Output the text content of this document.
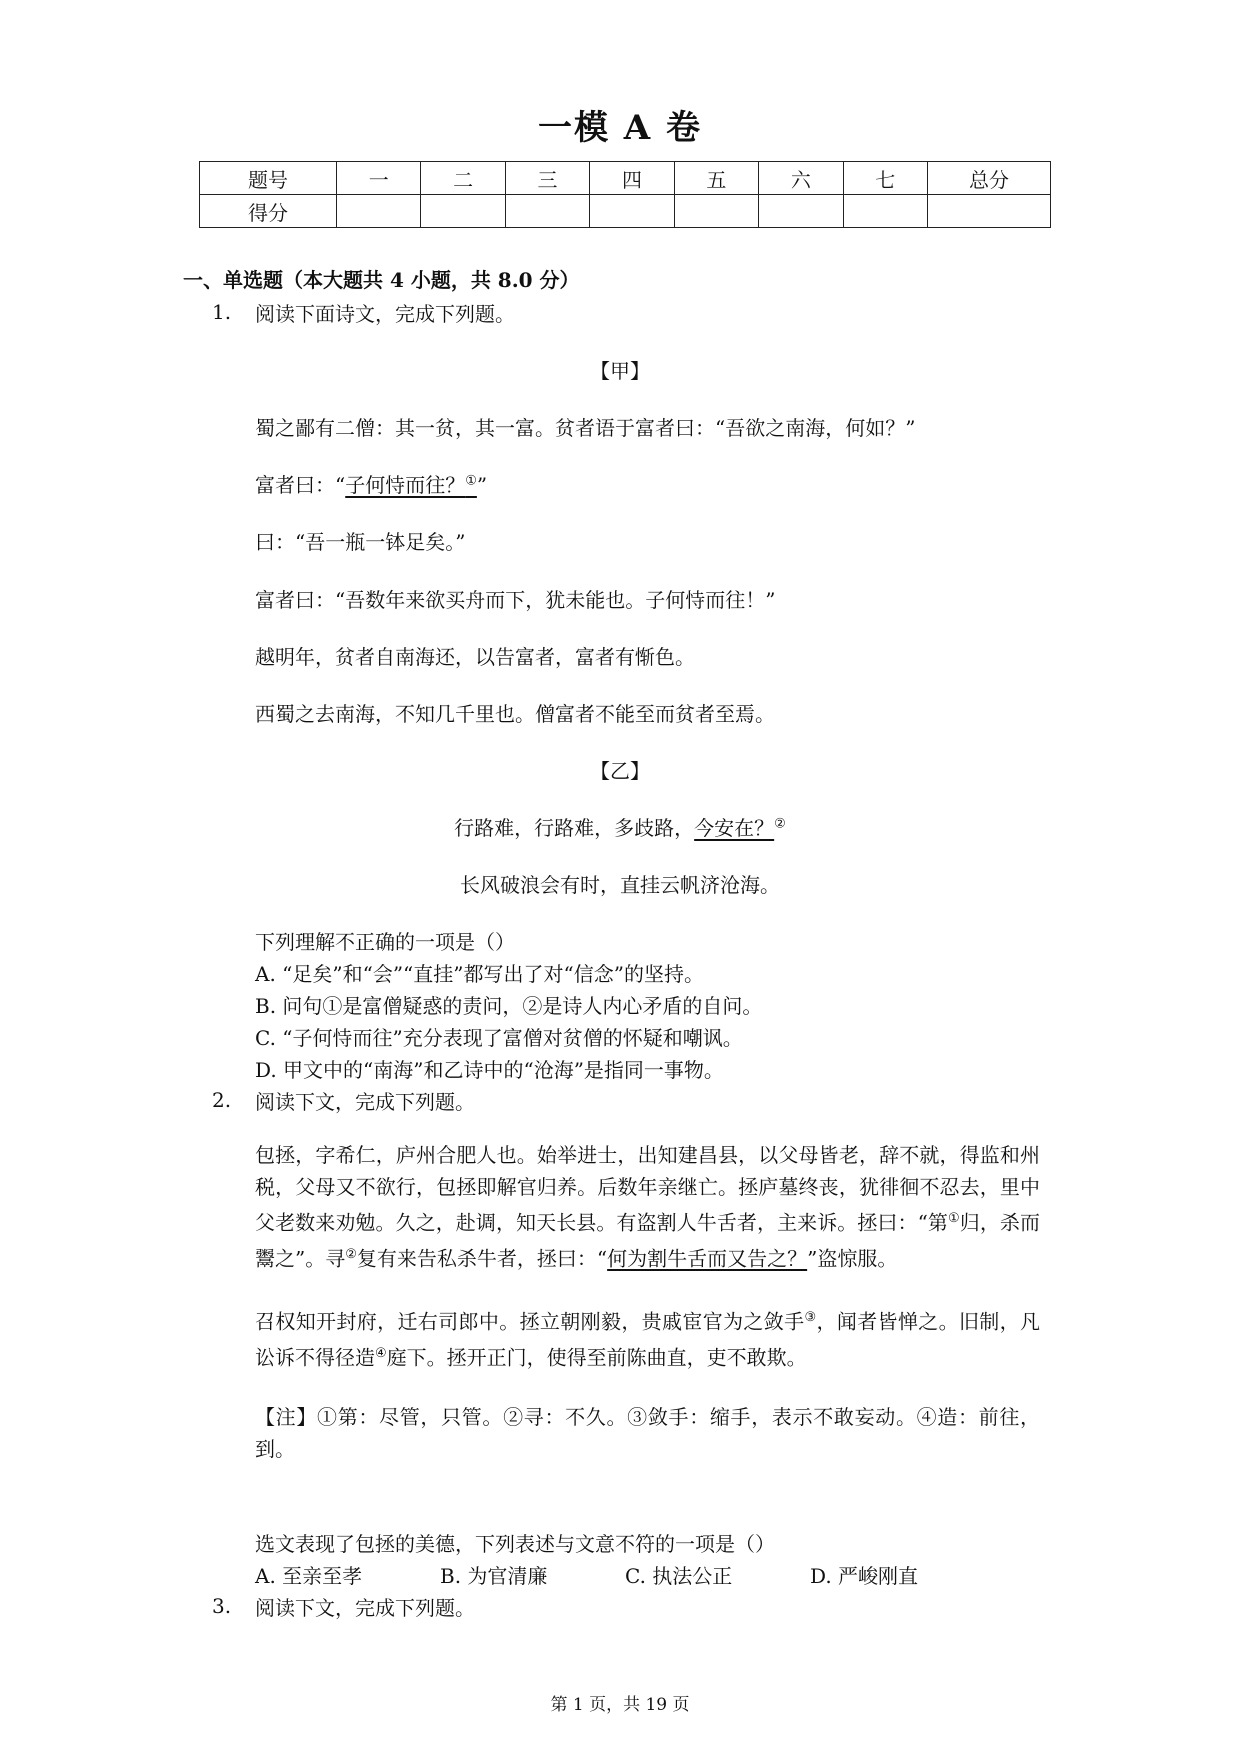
一模 A 卷
题号	一	二	三	四	五	六	七	总分
得分								
一、单选题（本大题共 4 小题，共 8.0 分）
1. 阅读下面诗文，完成下列题。
【甲】
蜀之鄙有二僧：其一贫，其一富。贫者语于富者曰：“吾欲之南海，何如？”
富者曰：“子何恃而往？①”
曰：“吾一瓶一钵足矣。”
富者曰：“吾数年来欲买舟而下，犹未能也。子何恃而往！”
越明年，贫者自南海还，以告富者，富者有惭色。
西蜀之去南海，不知几千里也。僧富者不能至而贫者至焉。
【乙】
行路难，行路难，多歧路，今安在？②
长风破浪会有时，直挂云帆济沧海。
下列理解不正确的一项是（）
A. “足矣”和“会”“直挂”都写出了对“信念”的坚持。
B. 问句①是富僧疑惑的责问，②是诗人内心矛盾的自问。
C. “子何恃而往”充分表现了富僧对贫僧的怀疑和嘲讽。
D. 甲文中的“南海”和乙诗中的“沧海”是指同一事物。
2. 阅读下文，完成下列题。
包拯，字希仁，庐州合肥人也。始举进士，出知建昌县，以父母皆老，辞不就，得监和州税，父母又不欲行，包拯即解官归养。后数年亲继亡。拯庐墓终丧，犹徘徊不忍去，里中父老数来劝勉。久之，赴调，知天长县。有盗割人牛舌者，主来诉。拯曰：“第①归，杀而鬻之”。寻②复有来告私杀牛者，拯曰：“何为割牛舌而又告之？”盗惊服。
召权知开封府，迁右司郎中。拯立朝刚毅，贵戚宦官为之敛手③，闻者皆惮之。旧制，凡讼诉不得径造④庭下。拯开正门，使得至前陈曲直，吏不敢欺。
【注】①第：尽管，只管。②寻：不久。③敛手：缩手，表示不敢妄动。④造：前往，到。
选文表现了包拯的美德，下列表述与文意不符的一项是（）
A. 至亲至孝	B. 为官清廉	C. 执法公正	D. 严峻刚直
3. 阅读下文，完成下列题。
第 1 页，共 19 页
